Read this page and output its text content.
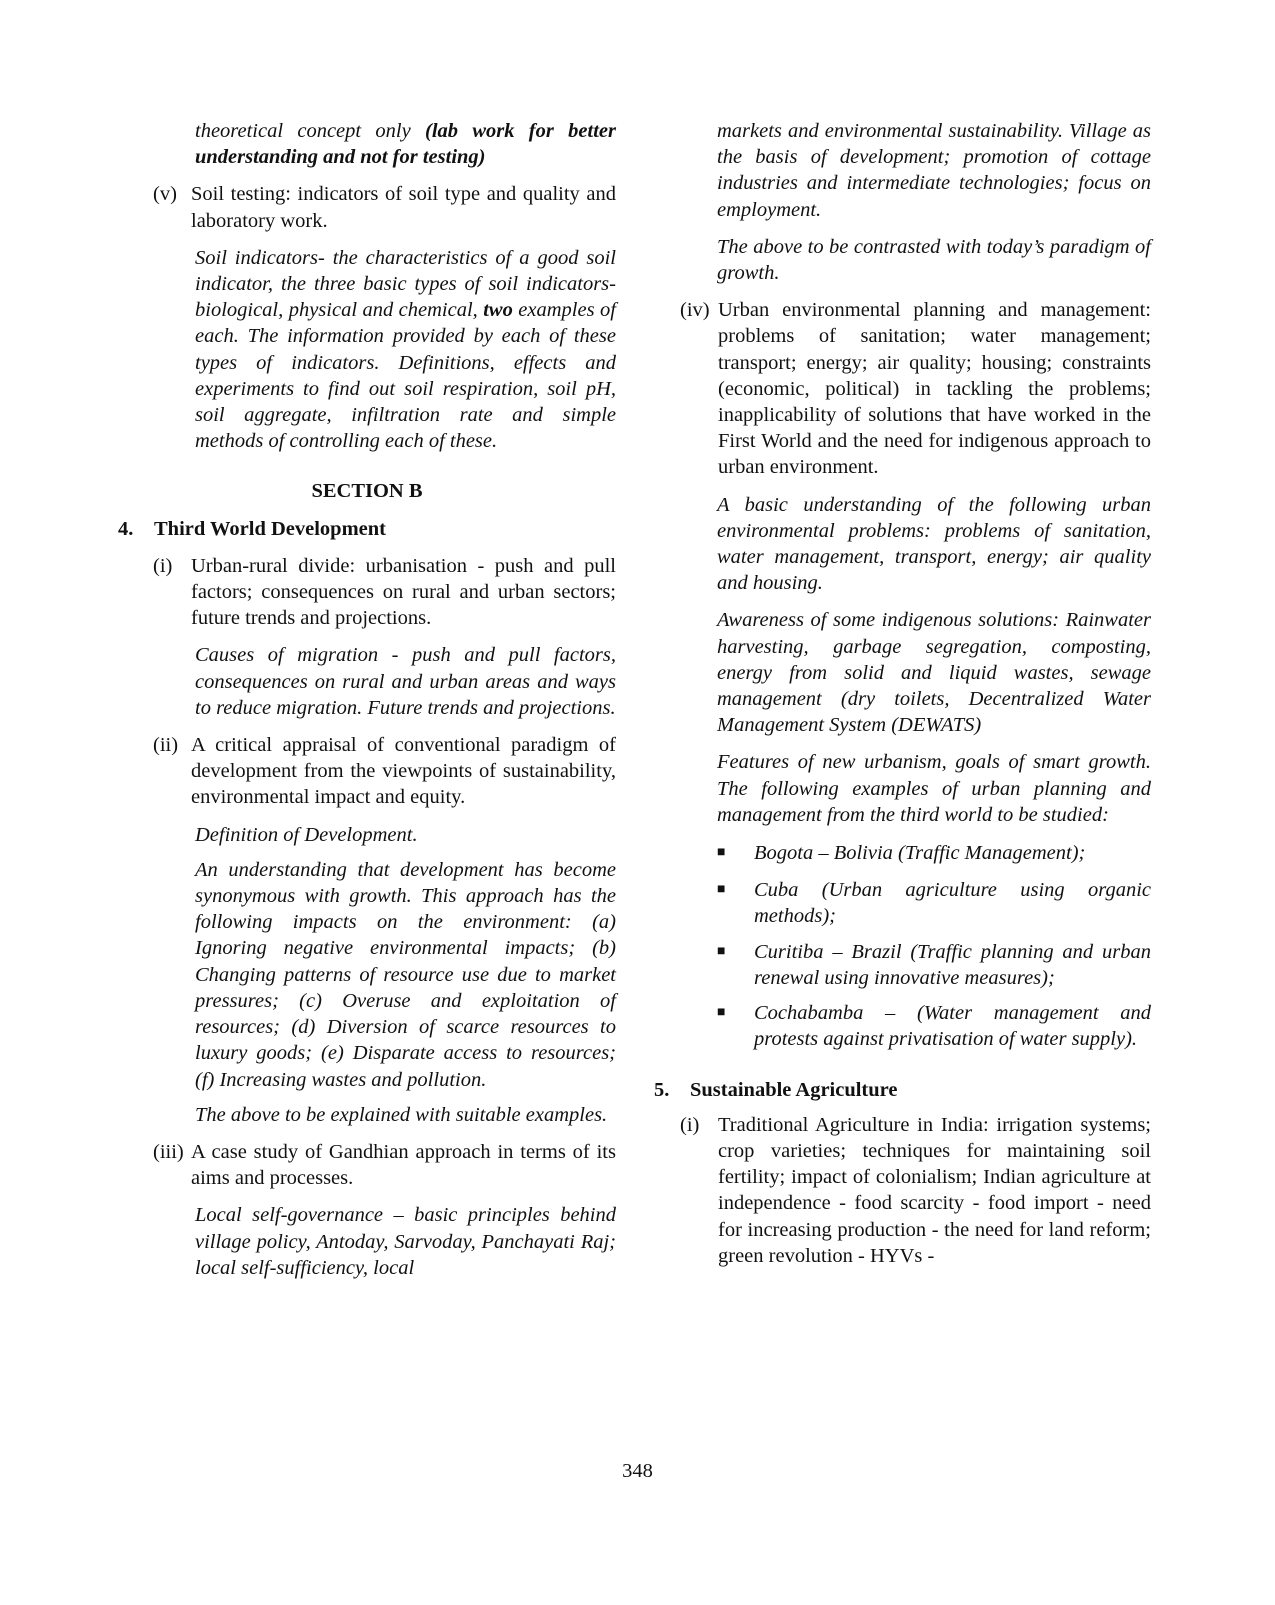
theoretical concept only (lab work for better understanding and not for testing)

(v) Soil testing: indicators of soil type and quality and laboratory work.

Soil indicators- the characteristics of a good soil indicator, the three basic types of soil indicators- biological, physical and chemical, two examples of each. The information provided by each of these types of indicators. Definitions, effects and experiments to find out soil respiration, soil pH, soil aggregate, infiltration rate and simple methods of controlling each of these.

SECTION B

4.	Third World Development
(i) Urban-rural divide: urbanisation - push and pull factors; consequences on rural and urban sectors; future trends and projections.

Causes of migration - push and pull factors, consequences on rural and urban areas and ways to reduce migration. Future trends and projections.

(ii) A critical appraisal of conventional paradigm of development from the viewpoints of sustainability, environmental impact and equity.

Definition of Development.

An understanding that development has become synonymous with growth. This approach has the following impacts on the environment: (a) Ignoring negative environmental impacts; (b) Changing patterns of resource use due to market pressures; (c) Overuse and exploitation of resources; (d) Diversion of scarce resources to luxury goods; (e) Disparate access to resources; (f) Increasing wastes and pollution.

The above to be explained with suitable examples.

(iii) A case study of Gandhian approach in terms of its aims and processes.

Local self-governance – basic principles behind village policy, Antoday, Sarvoday, Panchayati Raj; local self-sufficiency, local

markets and environmental sustainability. Village as the basis of development; promotion of cottage industries and intermediate technologies; focus on employment.

The above to be contrasted with today’s paradigm of growth.

(iv) Urban environmental planning and management: problems of sanitation; water management; transport; energy; air quality; housing; constraints (economic, political) in tackling the problems; inapplicability of solutions that have worked in the First World and the need for indigenous approach to urban environment.

A basic understanding of the following urban environmental problems: problems of sanitation, water management, transport, energy; air quality and housing.

Awareness of some indigenous solutions: Rainwater harvesting, garbage segregation, composting, energy from solid and liquid wastes, sewage management (dry toilets, Decentralized Water Management System (DEWATS)

Features of new urbanism, goals of smart growth. The following examples of urban planning and management from the third world to be studied:

■	Bogota – Bolivia (Traffic Management);

■	Cuba (Urban agriculture using organic methods);

■	Curitiba – Brazil (Traffic planning and urban renewal using innovative measures);

■	Cochabamba – (Water management and protests against privatisation of water supply).

5.	Sustainable Agriculture
(i) Traditional Agriculture in India: irrigation systems; crop varieties; techniques for maintaining soil fertility; impact of colonialism; Indian agriculture at independence - food scarcity - food import - need for increasing production - the need for land reform; green revolution - HYVs -

348
